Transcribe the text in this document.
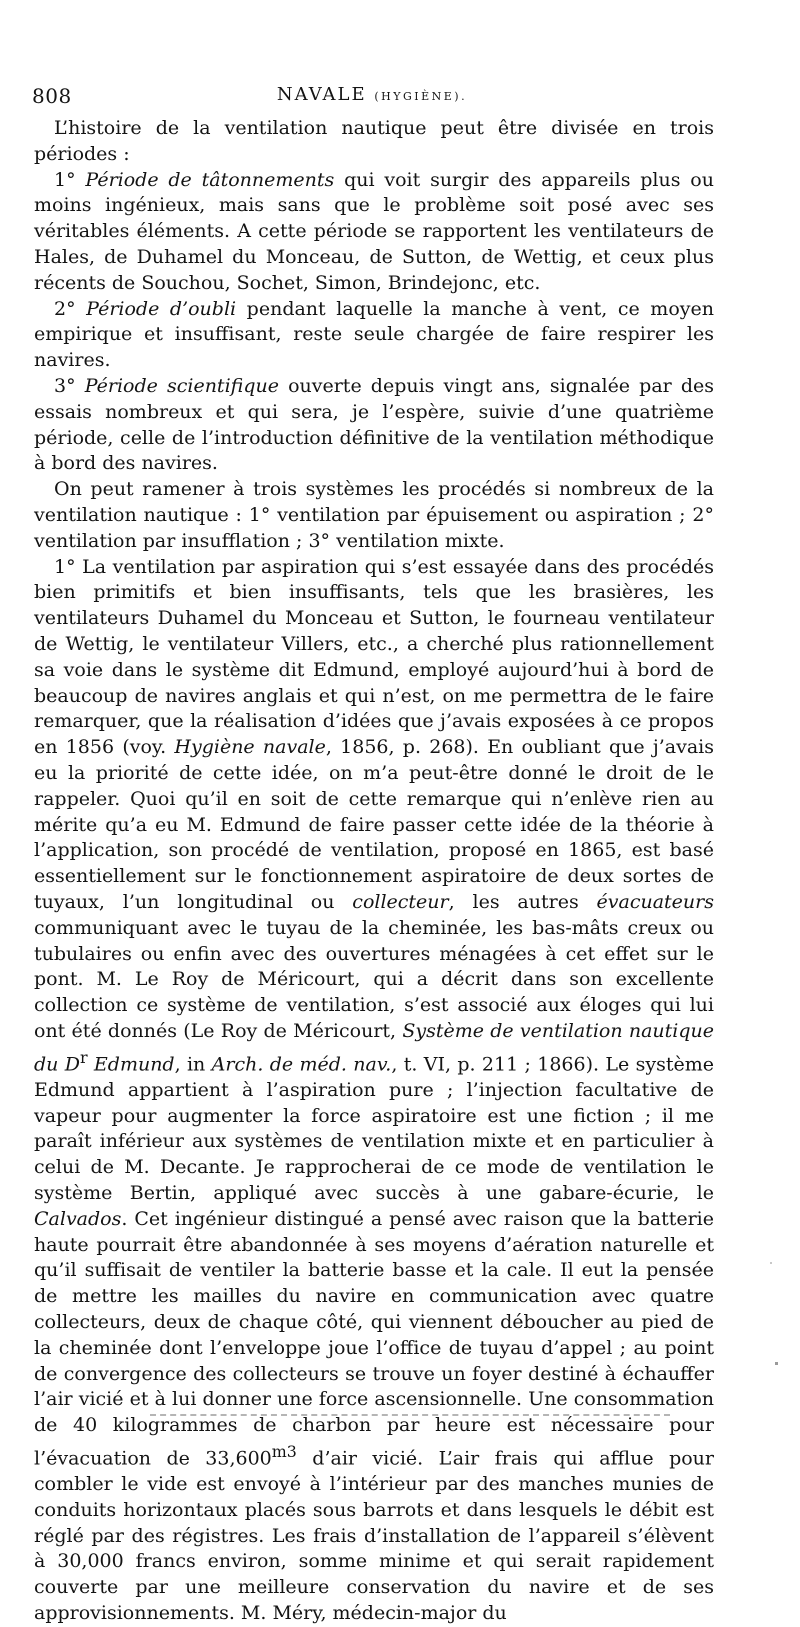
808	NAVALE (HYGIÈNE).

L’histoire de la ventilation nautique peut être divisée en trois périodes :

1° Période de tâtonnements qui voit surgir des appareils plus ou moins ingénieux, mais sans que le problème soit posé avec ses véritables éléments. A cette période se rapportent les ventilateurs de Hales, de Duhamel du Monceau, de Sutton, de Wettig, et ceux plus récents de Souchou, Sochet, Simon, Brindejonc, etc.

2° Période d’oubli pendant laquelle la manche à vent, ce moyen empirique et insuffisant, reste seule chargée de faire respirer les navires.

3° Période scientifique ouverte depuis vingt ans, signalée par des essais nombreux et qui sera, je l’espère, suivie d’une quatrième période, celle de l’introduction définitive de la ventilation méthodique à bord des navires.

On peut ramener à trois systèmes les procédés si nombreux de la ventilation nautique : 1° ventilation par épuisement ou aspiration ; 2° ventilation par insufflation ; 3° ventilation mixte.

1° La ventilation par aspiration qui s’est essayée dans des procédés bien primitifs et bien insuffisants, tels que les brasières, les ventilateurs Duhamel du Monceau et Sutton, le fourneau ventilateur de Wettig, le ventilateur Villers, etc., a cherché plus rationnellement sa voie dans le système dit Edmund, employé aujourd’hui à bord de beaucoup de navires anglais et qui n’est, on me permettra de le faire remarquer, que la réalisation d’idées que j’avais exposées à ce propos en 1856 (voy. Hygiène navale, 1856, p. 268). En oubliant que j’avais eu la priorité de cette idée, on m’a peut-être donné le droit de le rappeler. Quoi qu’il en soit de cette remarque qui n’enlève rien au mérite qu’a eu M. Edmund de faire passer cette idée de la théorie à l’application, son procédé de ventilation, proposé en 1865, est basé essentiellement sur le fonctionnement aspiratoire de deux sortes de tuyaux, l’un longitudinal ou collecteur, les autres évacuateurs communiquant avec le tuyau de la cheminée, les bas-mâts creux ou tubulaires ou enfin avec des ouvertures ménagées à cet effet sur le pont. M. Le Roy de Méricourt, qui a décrit dans son excellente collection ce système de ventilation, s’est associé aux éloges qui lui ont été donnés (Le Roy de Méricourt, Système de ventilation nautique du $D^r$ Edmund, in Arch. de méd. nav., t. VI, p. 211 ; 1866). Le système Edmund appartient à l’aspiration pure ; l’injection facultative de vapeur pour augmenter la force aspiratoire est une fiction ; il me paraît inférieur aux systèmes de ventilation mixte et en particulier à celui de M. Decante. Je rapprocherai de ce mode de ventilation le système Bertin, appliqué avec succès à une gabare-écurie, le Calvados. Cet ingénieur distingué a pensé avec raison que la batterie haute pourrait être abandonnée à ses moyens d’aération naturelle et qu’il suffisait de ventiler la batterie basse et la cale. Il eut la pensée de mettre les mailles du navire en communication avec quatre collecteurs, deux de chaque côté, qui viennent déboucher au pied de la cheminée dont l’enveloppe joue l’office de tuyau d’appel ; au point de convergence des collecteurs se trouve un foyer destiné à échauffer l’air vicié et à lui donner une force ascensionnelle. Une consommation de 40 kilogrammes de charbon par heure est nécessaire pour l’évacuation de $33,600^{m3}$ d’air vicié. L’air frais qui afflue pour combler le vide est envoyé à l’intérieur par des manches munies de conduits horizontaux placés sous barrots et dans lesquels le débit est réglé par des régistres. Les frais d’installation de l’appareil s’élèvent à 30,000 francs environ, somme minime et qui serait rapidement couverte par une meilleure conservation du navire et de ses approvisionnements. M. Méry, médecin-major du
